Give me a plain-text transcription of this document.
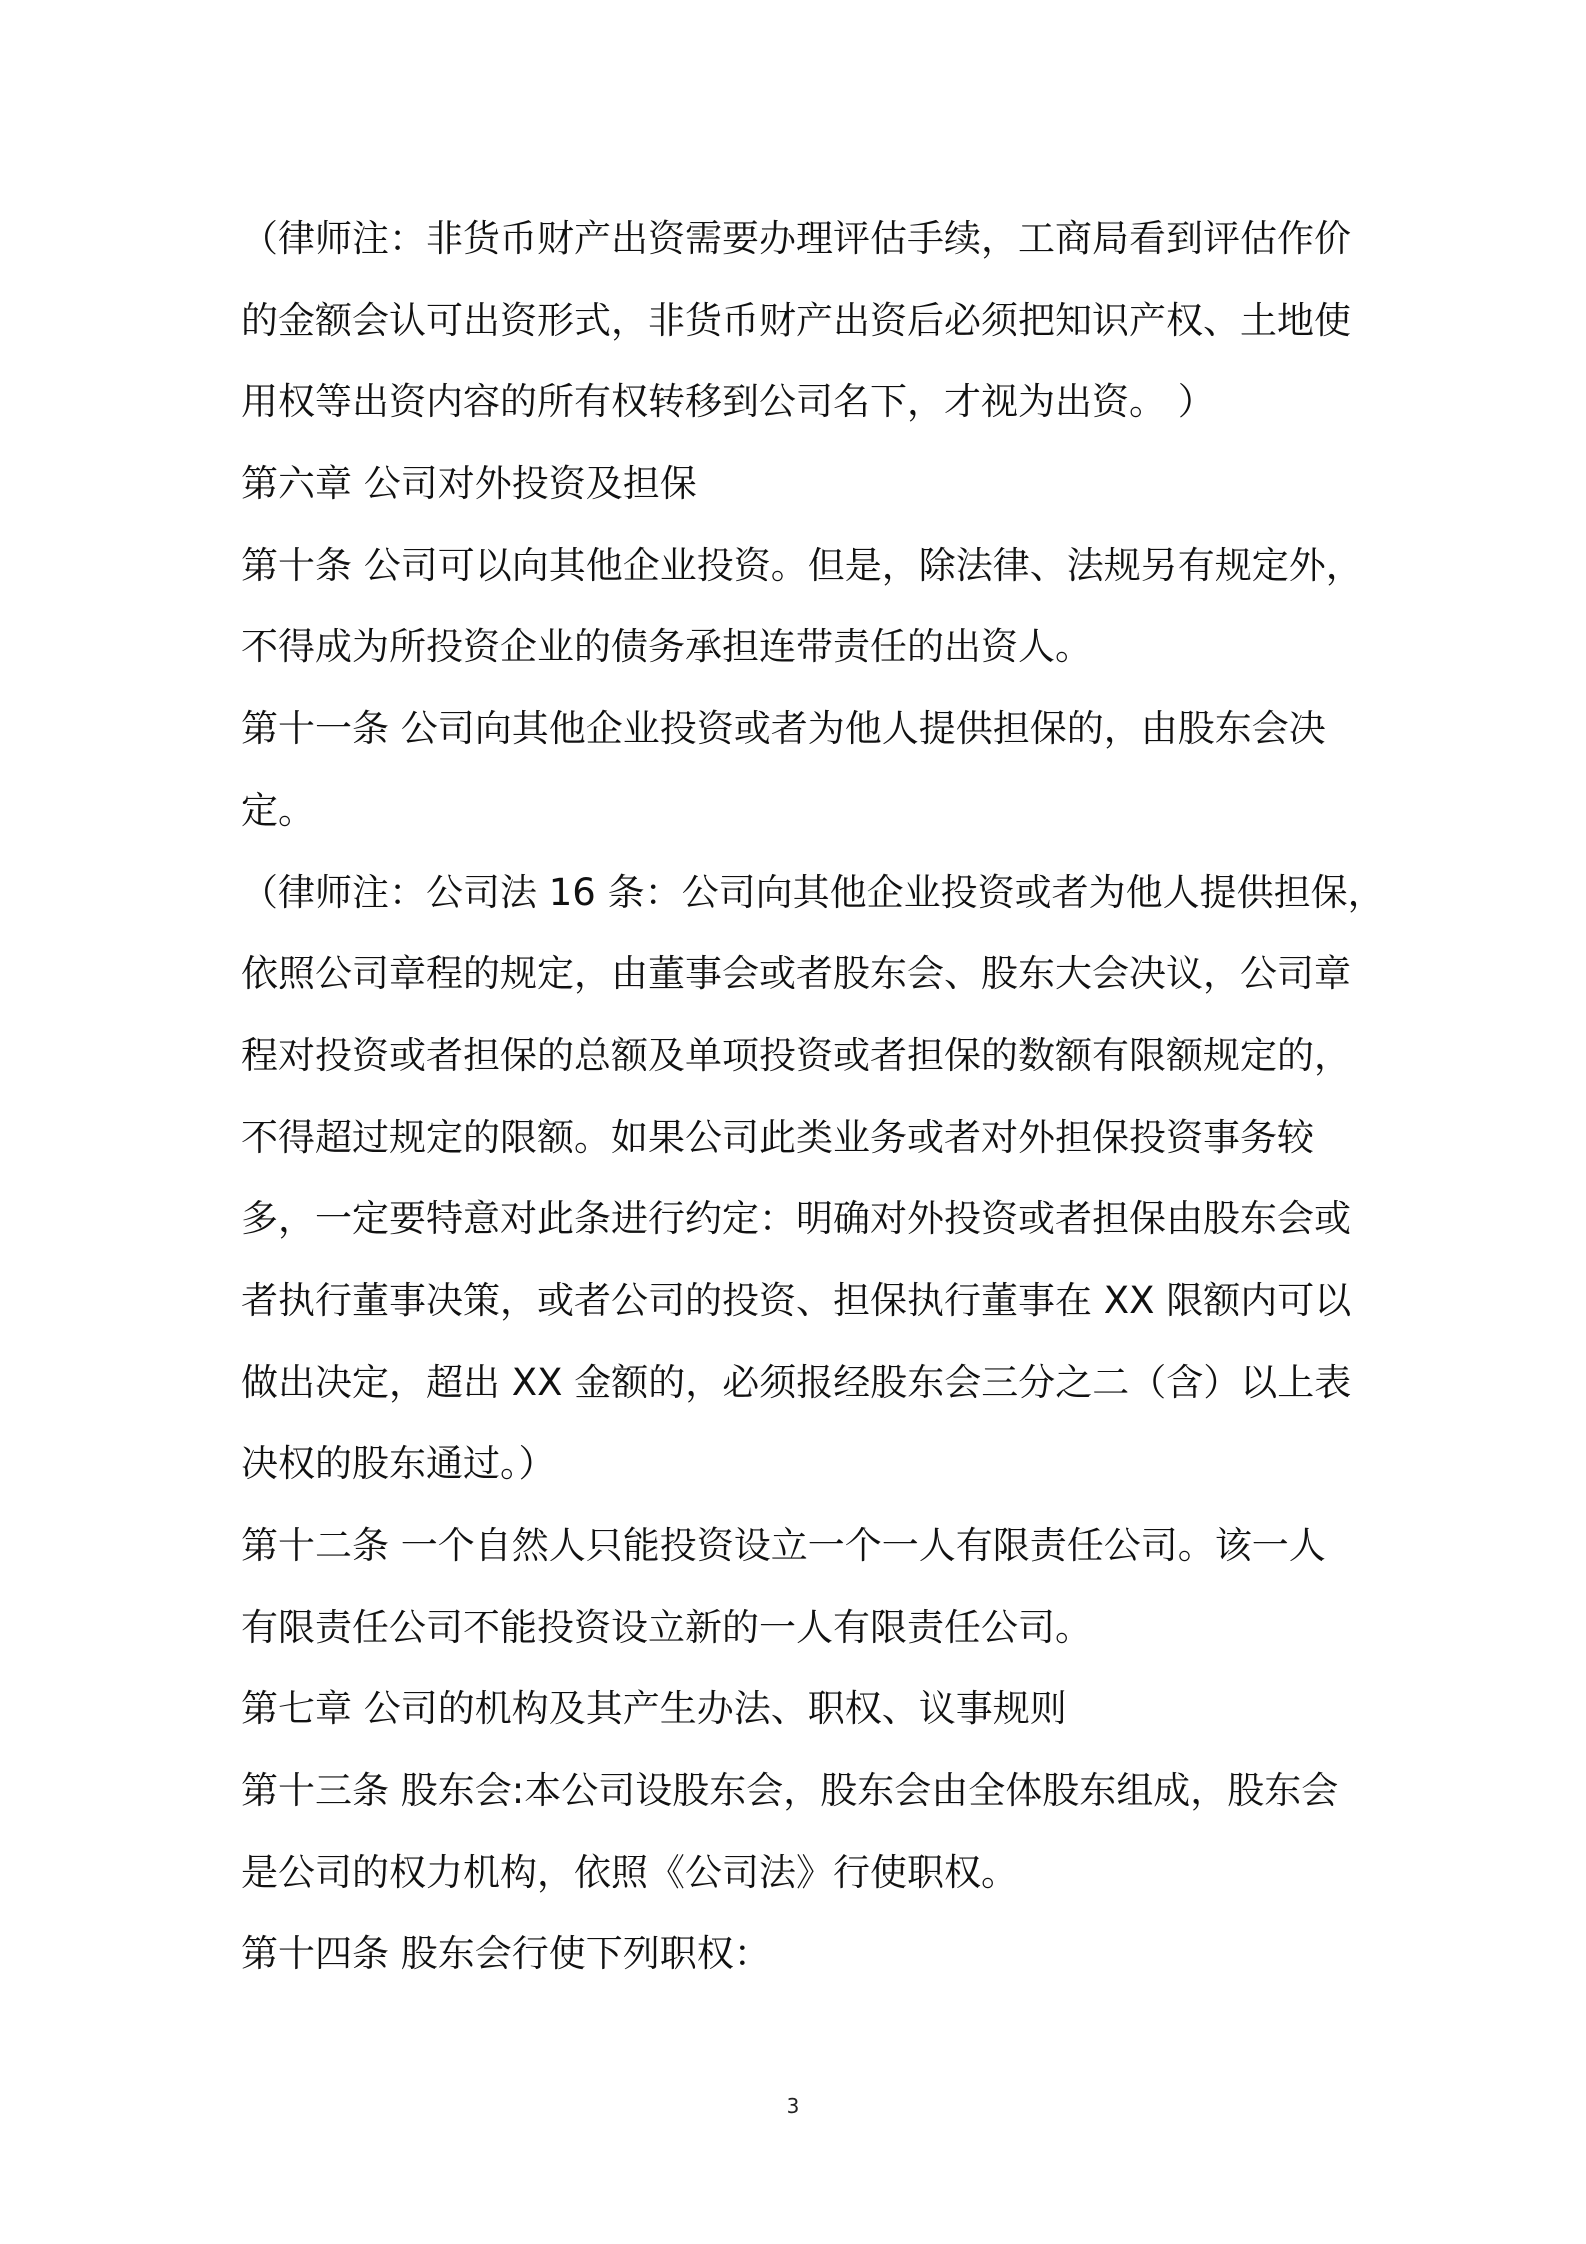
（律师注：非货币财产出资需要办理评估手续，工商局看到评估作价

的金额会认可出资形式，非货币财产出资后必须把知识产权、土地使

用权等出资内容的所有权转移到公司名下，才视为出资。 ）

第六章 公司对外投资及担保

第十条 公司可以向其他企业投资。但是，除法律、法规另有规定外，

不得成为所投资企业的债务承担连带责任的出资人。

第十一条 公司向其他企业投资或者为他人提供担保的，由股东会决

定。

（律师注：公司法 16 条：公司向其他企业投资或者为他人提供担保，

依照公司章程的规定，由董事会或者股东会、股东大会决议，公司章

程对投资或者担保的总额及单项投资或者担保的数额有限额规定的，

不得超过规定的限额。如果公司此类业务或者对外担保投资事务较

多，一定要特意对此条进行约定：明确对外投资或者担保由股东会或

者执行董事决策，或者公司的投资、担保执行董事在 XX 限额内可以

做出决定，超出 XX 金额的，必须报经股东会三分之二（含）以上表

决权的股东通过。）

第十二条 一个自然人只能投资设立一个一人有限责任公司。该一人

有限责任公司不能投资设立新的一人有限责任公司。

第七章 公司的机构及其产生办法、职权、议事规则

第十三条 股东会:本公司设股东会，股东会由全体股东组成，股东会

是公司的权力机构，依照《公司法》行使职权。

第十四条 股东会行使下列职权：

3
